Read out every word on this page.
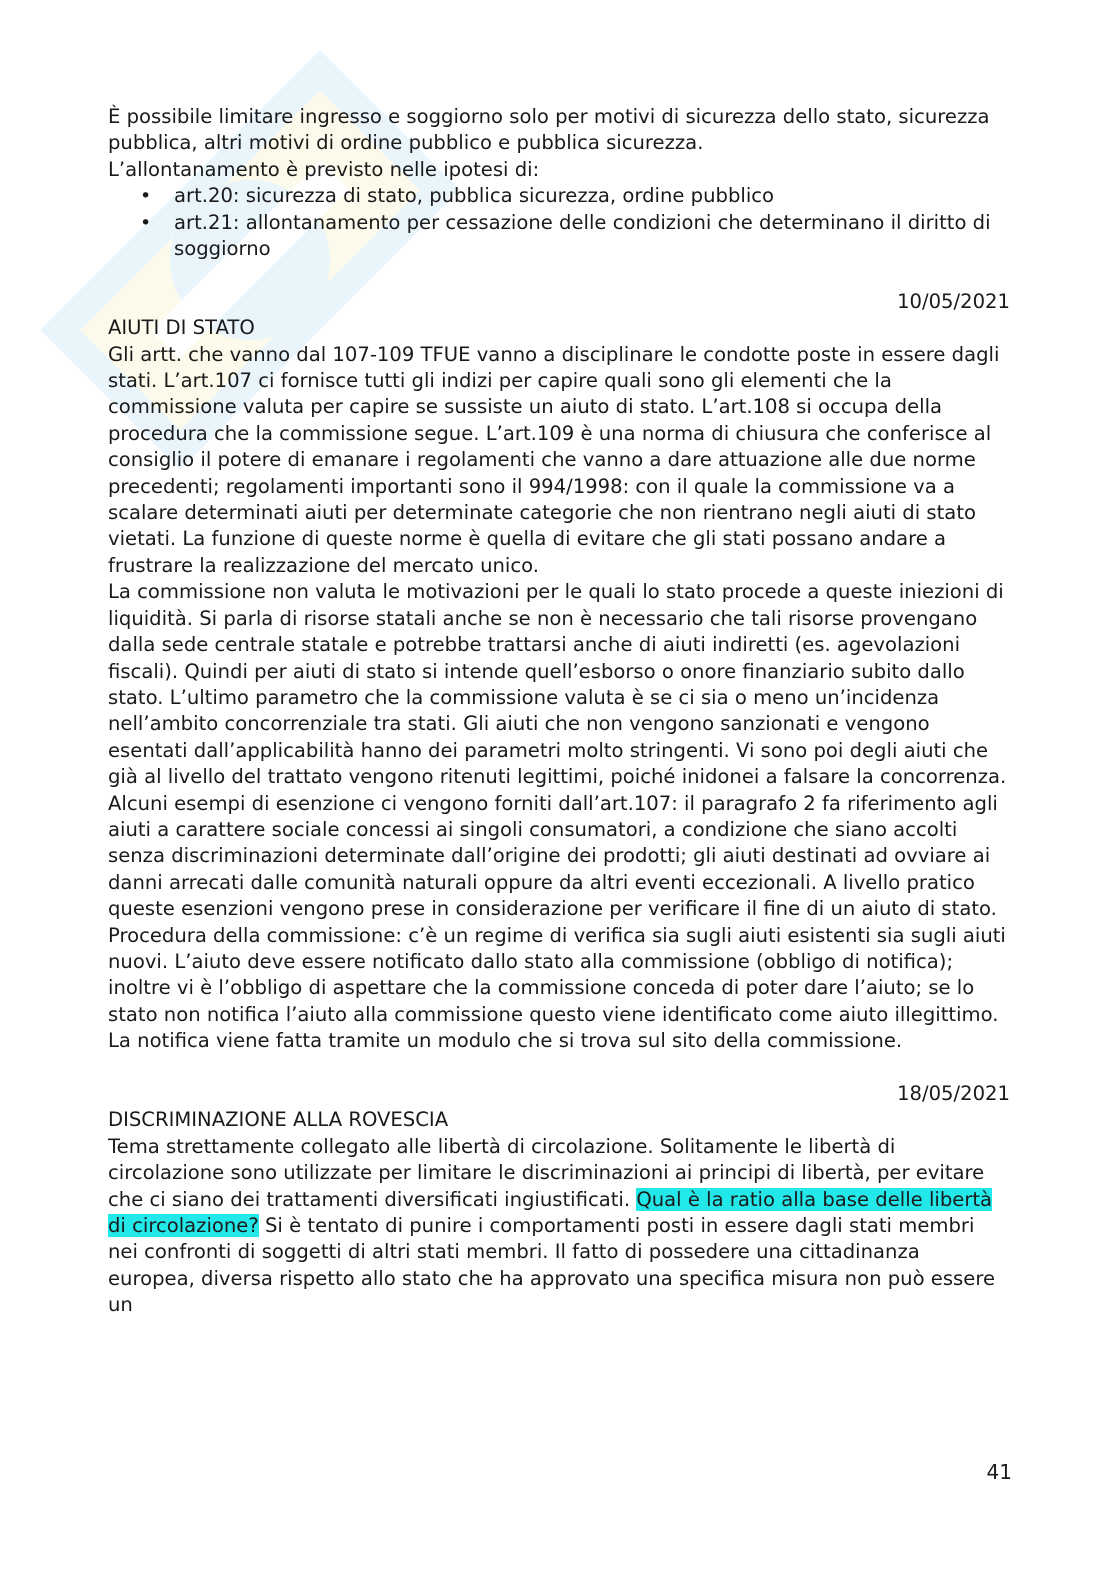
È possibile limitare ingresso e soggiorno solo per motivi di sicurezza dello stato, sicurezza pubblica, altri motivi di ordine pubblico e pubblica sicurezza.

L’allontanamento è previsto nelle ipotesi di:

• art.20: sicurezza di stato, pubblica sicurezza, ordine pubblico
• art.21: allontanamento per cessazione delle condizioni che determinano il diritto di soggiorno

10/05/2021

AIUTI DI STATO

Gli artt. che vanno dal 107-109 TFUE vanno a disciplinare le condotte poste in essere dagli stati. L’art.107 ci fornisce tutti gli indizi per capire quali sono gli elementi che la commissione valuta per capire se sussiste un aiuto di stato. L’art.108 si occupa della procedura che la commissione segue. L’art.109 è una norma di chiusura che conferisce al consiglio il potere di emanare i regolamenti che vanno a dare attuazione alle due norme precedenti; regolamenti importanti sono il 994/1998: con il quale la commissione va a scalare determinati aiuti per determinate categorie che non rientrano negli aiuti di stato vietati. La funzione di queste norme è quella di evitare che gli stati possano andare a frustrare la realizzazione del mercato unico.

La commissione non valuta le motivazioni per le quali lo stato procede a queste iniezioni di liquidità. Si parla di risorse statali anche se non è necessario che tali risorse provengano dalla sede centrale statale e potrebbe trattarsi anche di aiuti indiretti (es. agevolazioni fiscali). Quindi per aiuti di stato si intende quell’esborso o onore finanziario subito dallo stato. L’ultimo parametro che la commissione valuta è se ci sia o meno un’incidenza nell’ambito concorrenziale tra stati. Gli aiuti che non vengono sanzionati e vengono esentati dall’applicabilità hanno dei parametri molto stringenti. Vi sono poi degli aiuti che già al livello del trattato vengono ritenuti legittimi, poiché inidonei a falsare la concorrenza. Alcuni esempi di esenzione ci vengono forniti dall’art.107: il paragrafo 2 fa riferimento agli aiuti a carattere sociale concessi ai singoli consumatori, a condizione che siano accolti senza discriminazioni determinate dall’origine dei prodotti; gli aiuti destinati ad ovviare ai danni arrecati dalle comunità naturali oppure da altri eventi eccezionali. A livello pratico queste esenzioni vengono prese in considerazione per verificare il fine di un aiuto di stato.

Procedura della commissione: c’è un regime di verifica sia sugli aiuti esistenti sia sugli aiuti nuovi. L’aiuto deve essere notificato dallo stato alla commissione (obbligo di notifica); inoltre vi è l’obbligo di aspettare che la commissione conceda di poter dare l’aiuto; se lo stato non notifica l’aiuto alla commissione questo viene identificato come aiuto illegittimo. La notifica viene fatta tramite un modulo che si trova sul sito della commissione.

18/05/2021

DISCRIMINAZIONE ALLA ROVESCIA

Tema strettamente collegato alle libertà di circolazione. Solitamente le libertà di circolazione sono utilizzate per limitare le discriminazioni ai principi di libertà, per evitare che ci siano dei trattamenti diversificati ingiustificati. Qual è la ratio alla base delle libertà di circolazione? Si è tentato di punire i comportamenti posti in essere dagli stati membri nei confronti di soggetti di altri stati membri. Il fatto di possedere una cittadinanza europea, diversa rispetto allo stato che ha approvato una specifica misura non può essere un

41
